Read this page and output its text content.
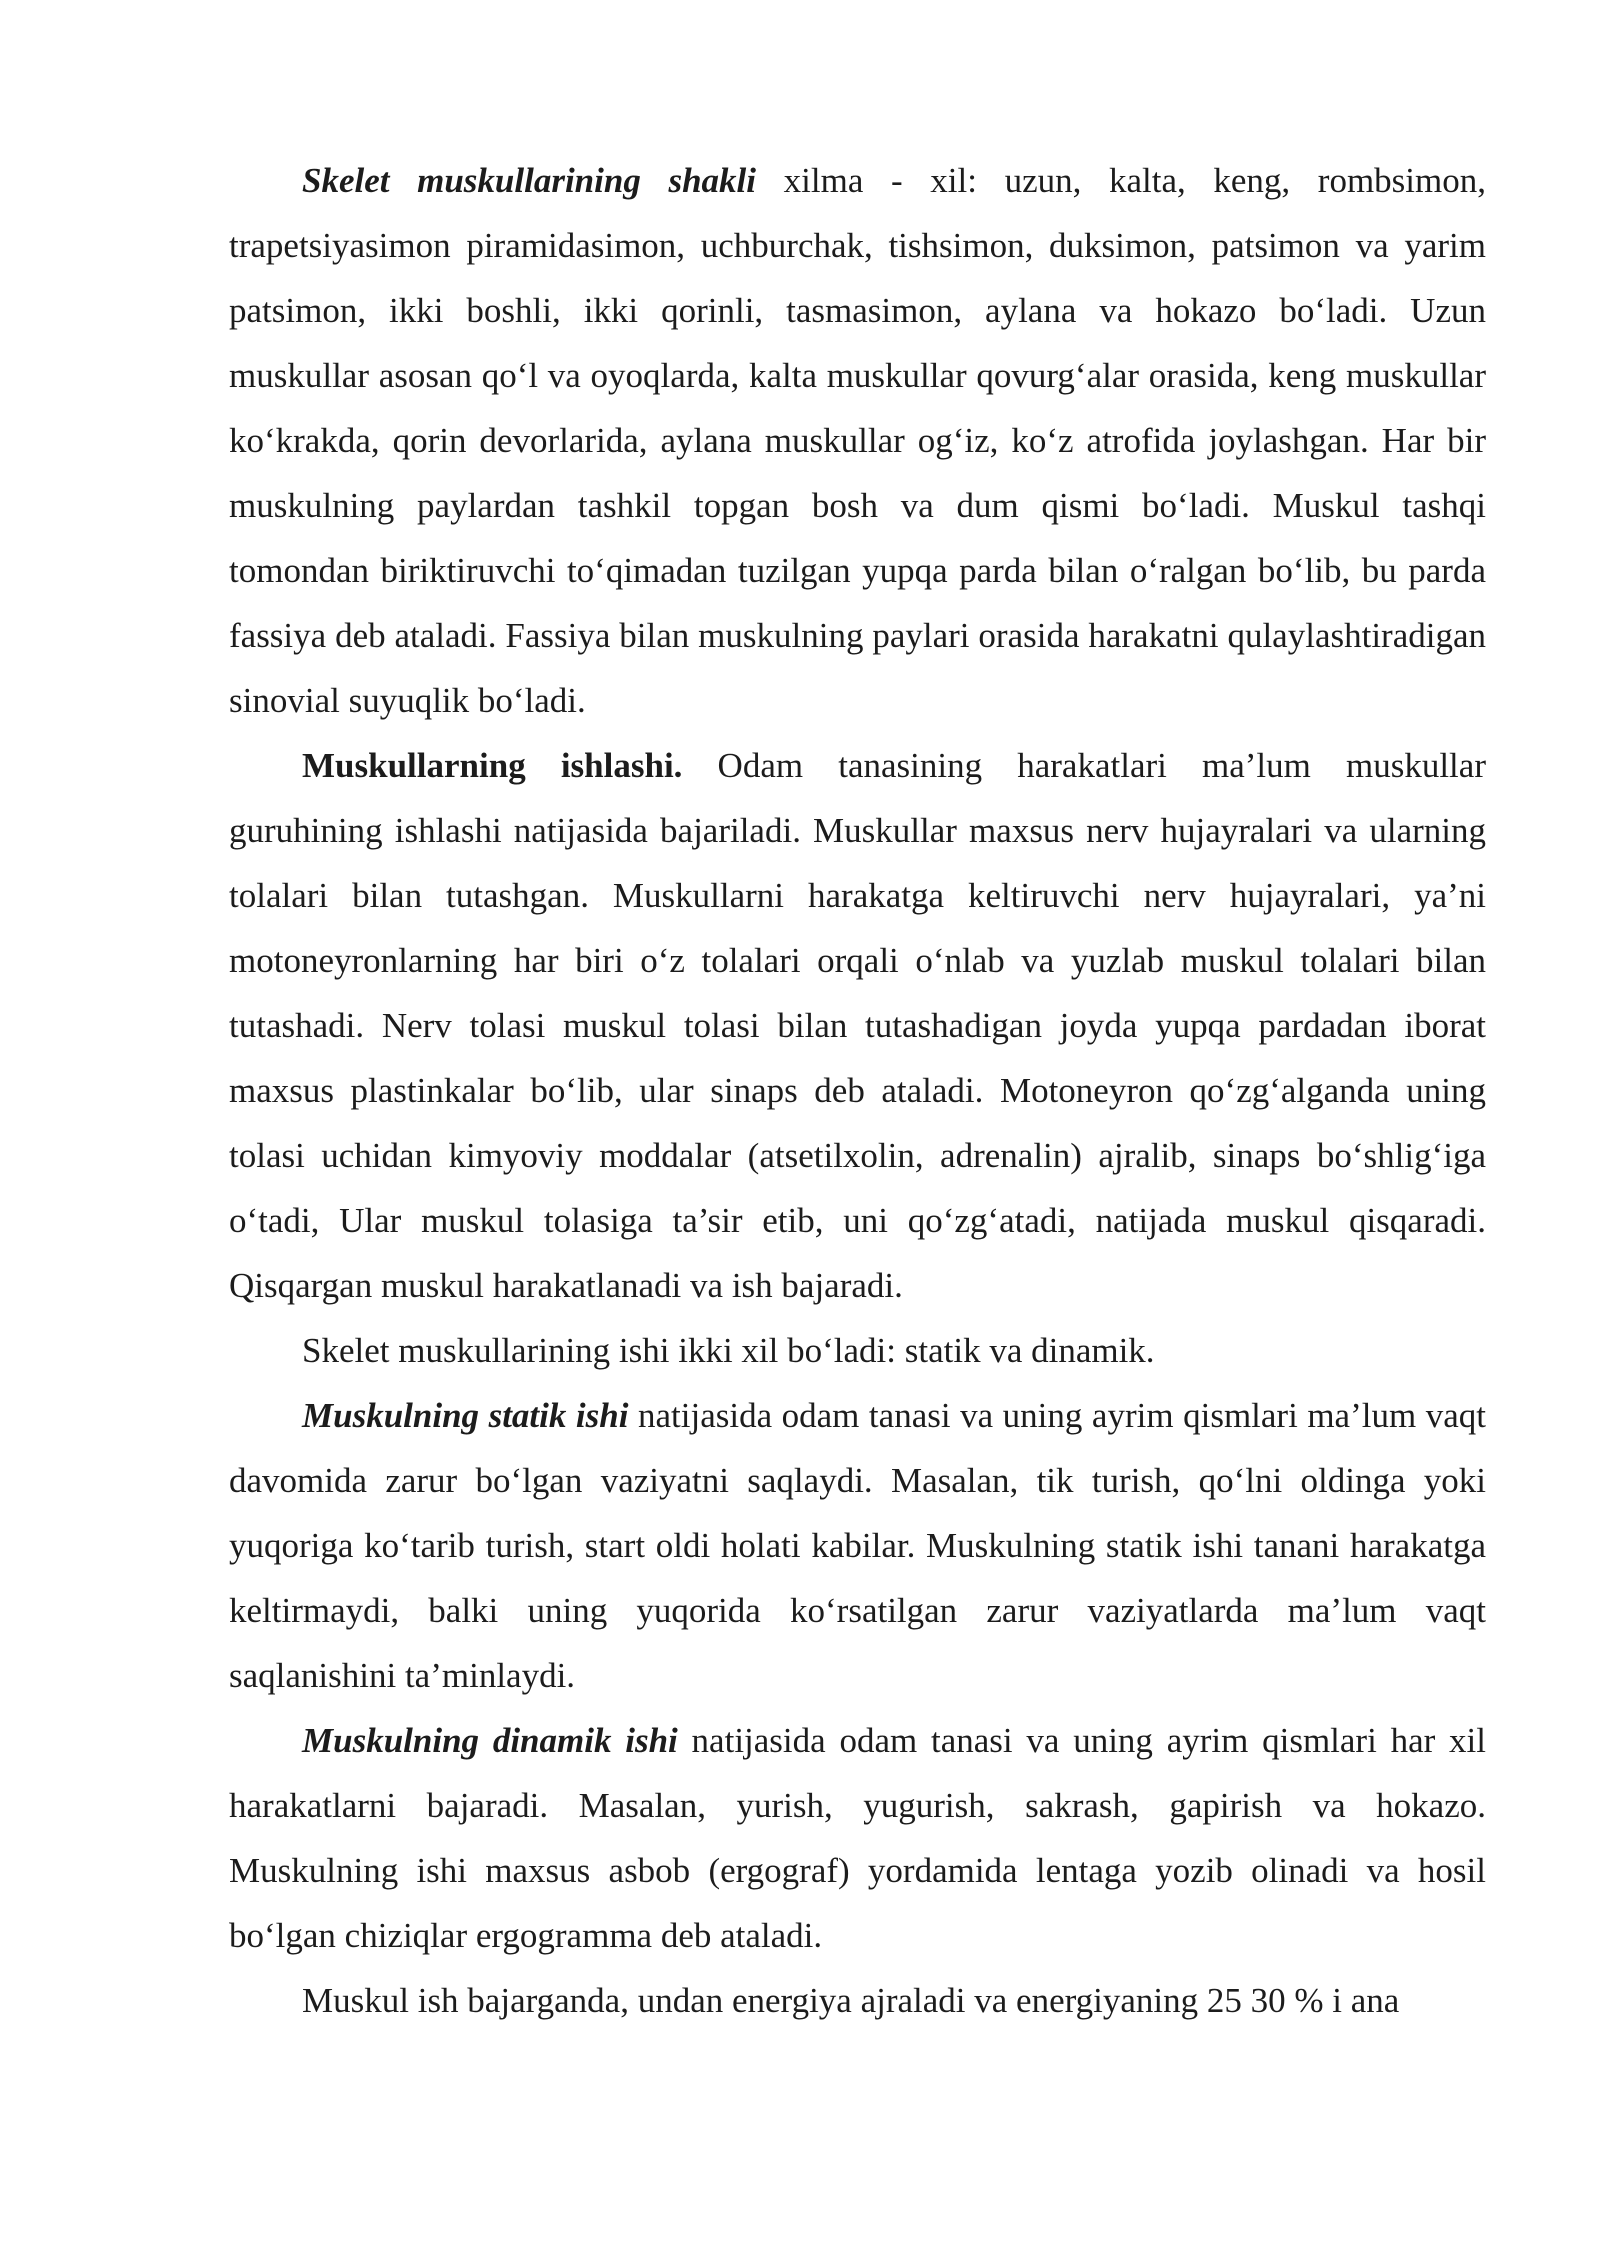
Skelet muskullarining shakli xilma - xil: uzun, kalta, keng, rombsimon, trapetsiyasimon piramidasimon, uchburchak, tishsimon, duksimon, patsimon va yarim patsimon, ikki boshli, ikki qorinli, tasmasimon, aylana va hokazo bo‘ladi. Uzun muskullar asosan qo‘l va oyoqlarda, kalta muskullar qovurg‘alar orasida, keng muskullar ko‘krakda, qorin devorlarida, aylana muskullar og‘iz, ko‘z atrofida joylashgan. Har bir muskulning paylardan tashkil topgan bosh va dum qismi bo‘ladi. Muskul tashqi tomondan biriktiruvchi to‘qimadan tuzilgan yupqa parda bilan o‘ralgan bo‘lib, bu parda fassiya deb ataladi. Fassiya bilan muskulning paylari orasida harakatni qulaylashtiradigan sinovial suyuqlik bo‘ladi.

Muskullarning ishlashi. Odam tanasining harakatlari ma’lum muskullar guruhining ishlashi natijasida bajariladi. Muskullar maxsus nerv hujayralari va ularning tolalari bilan tutashgan. Muskullarni harakatga keltiruvchi nerv hujayralari, ya’ni motoneyronlarning har biri o‘z tolalari orqali o‘nlab va yuzlab muskul tolalari bilan tutashadi. Nerv tolasi muskul tolasi bilan tutashadigan joyda yupqa pardadan iborat maxsus plastinkalar bo‘lib, ular sinaps deb ataladi. Motoneyron qo‘zg‘alganda uning tolasi uchidan kimyoviy moddalar (atsetilxolin, adrenalin) ajralib, sinaps bo‘shlig‘iga o‘tadi, Ular muskul tolasiga ta’sir etib, uni qo‘zg‘atadi, natijada muskul qisqaradi. Qisqargan muskul harakatlanadi va ish bajaradi.

Skelet muskullarining ishi ikki xil bo‘ladi: statik va dinamik.

Muskulning statik ishi natijasida odam tanasi va uning ayrim qismlari ma’lum vaqt davomida zarur bo‘lgan vaziyatni saqlaydi. Masalan, tik turish, qo‘lni oldinga yoki yuqoriga ko‘tarib turish, start oldi holati kabilar. Muskulning statik ishi tanani harakatga keltirmaydi, balki uning yuqorida ko‘rsatilgan zarur vaziyatlarda ma’lum vaqt saqlanishini ta’minlaydi.

Muskulning dinamik ishi natijasida odam tanasi va uning ayrim qismlari har xil harakatlarni bajaradi. Masalan, yurish, yugurish, sakrash, gapirish va hokazo. Muskulning ishi maxsus asbob (ergograf) yordamida lentaga yozib olinadi va hosil bo‘lgan chiziqlar ergogramma deb ataladi.

Muskul ish bajarganda, undan energiya ajraladi va energiyaning 25 30 % i ana
